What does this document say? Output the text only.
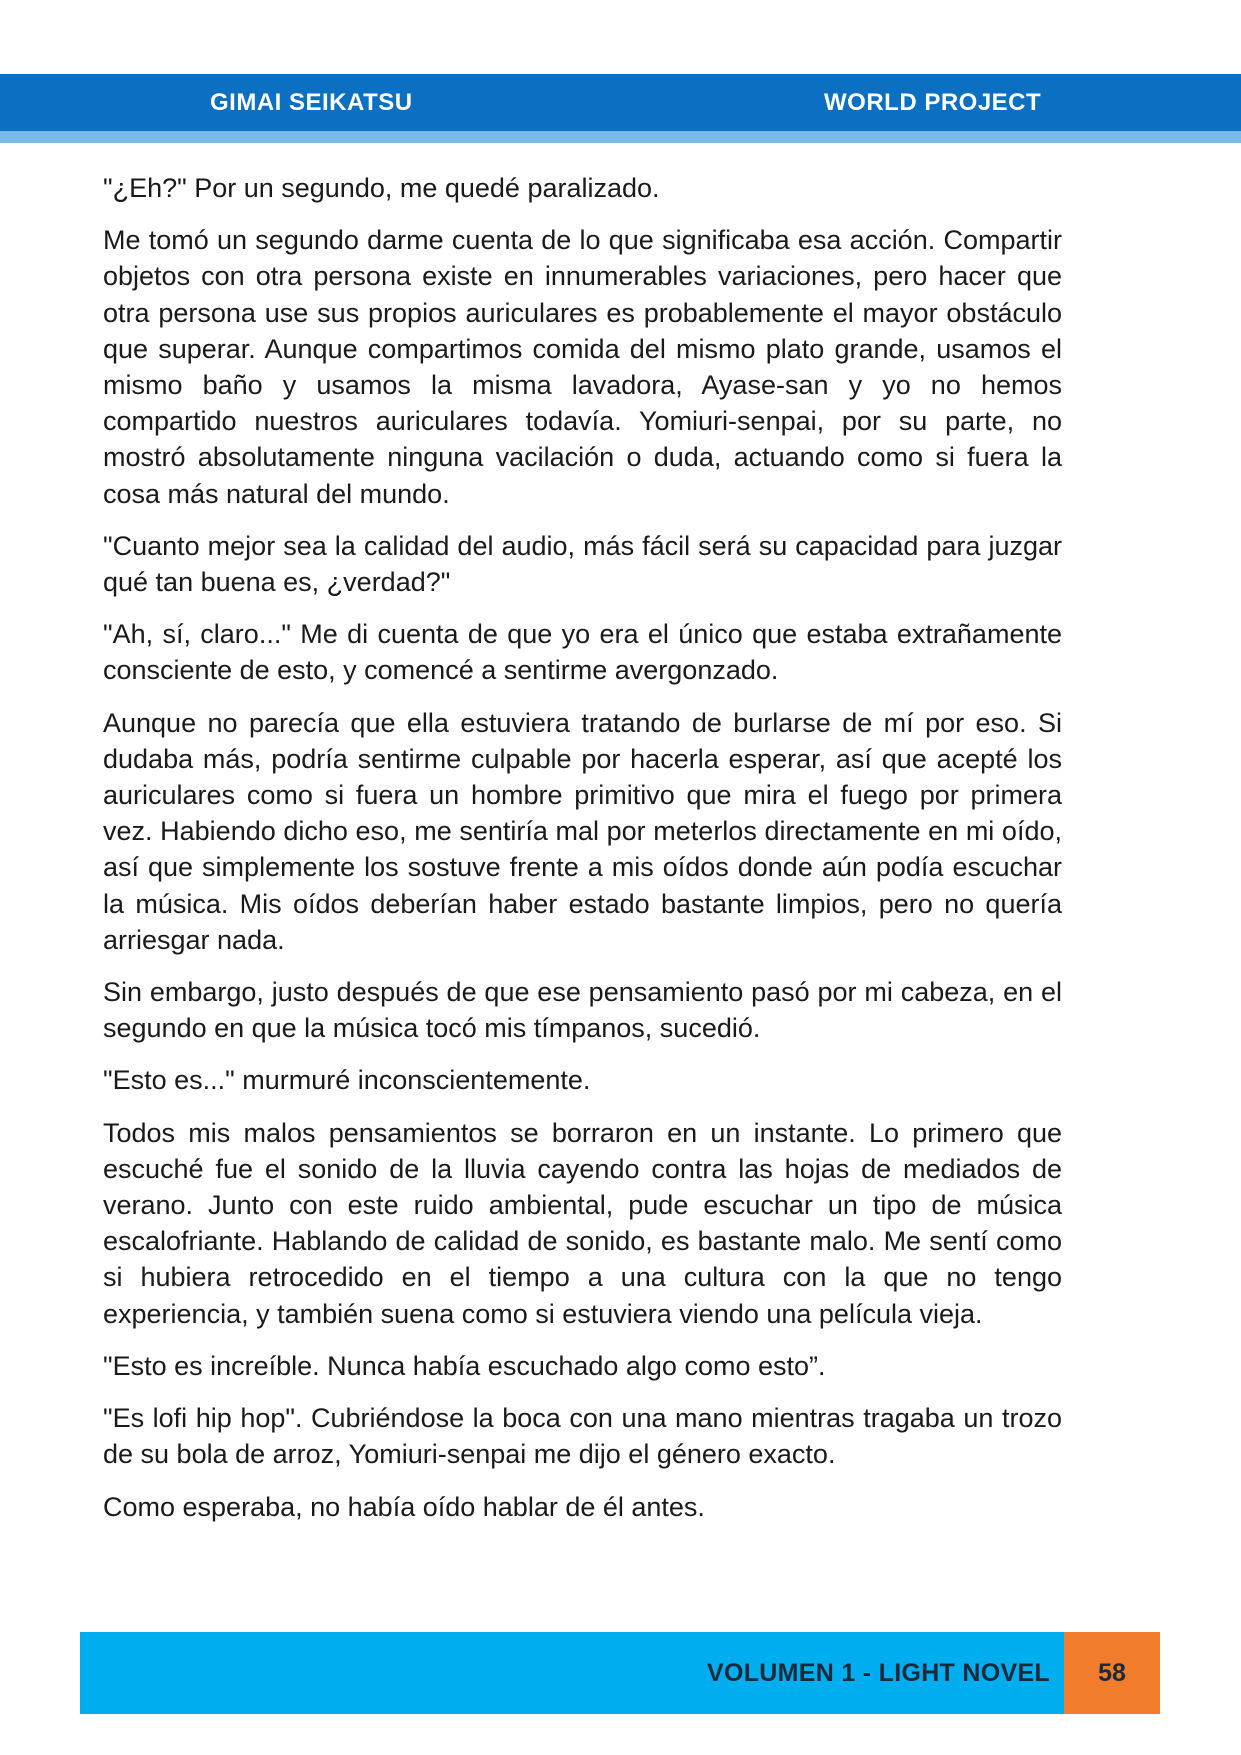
GIMAI SEIKATSU	WORLD PROJECT

"¿Eh?" Por un segundo, me quedé paralizado.

Me tomó un segundo darme cuenta de lo que significaba esa acción. Compartir objetos con otra persona existe en innumerables variaciones, pero hacer que otra persona use sus propios auriculares es probablemente el mayor obstáculo que superar. Aunque compartimos comida del mismo plato grande, usamos el mismo baño y usamos la misma lavadora, Ayase-san y yo no hemos compartido nuestros auriculares todavía. Yomiuri-senpai, por su parte, no mostró absolutamente ninguna vacilación o duda, actuando como si fuera la cosa más natural del mundo.

"Cuanto mejor sea la calidad del audio, más fácil será su capacidad para juzgar qué tan buena es, ¿verdad?"

"Ah, sí, claro..." Me di cuenta de que yo era el único que estaba extrañamente consciente de esto, y comencé a sentirme avergonzado.

Aunque no parecía que ella estuviera tratando de burlarse de mí por eso. Si dudaba más, podría sentirme culpable por hacerla esperar, así que acepté los auriculares como si fuera un hombre primitivo que mira el fuego por primera vez. Habiendo dicho eso, me sentiría mal por meterlos directamente en mi oído, así que simplemente los sostuve frente a mis oídos donde aún podía escuchar la música. Mis oídos deberían haber estado bastante limpios, pero no quería arriesgar nada.

Sin embargo, justo después de que ese pensamiento pasó por mi cabeza, en el segundo en que la música tocó mis tímpanos, sucedió.

"Esto es..." murmuré inconscientemente.

Todos mis malos pensamientos se borraron en un instante. Lo primero que escuché fue el sonido de la lluvia cayendo contra las hojas de mediados de verano. Junto con este ruido ambiental, pude escuchar un tipo de música escalofriante. Hablando de calidad de sonido, es bastante malo. Me sentí como si hubiera retrocedido en el tiempo a una cultura con la que no tengo experiencia, y también suena como si estuviera viendo una película vieja.

"Esto es increíble. Nunca había escuchado algo como esto”.

"Es lofi hip hop". Cubriéndose la boca con una mano mientras tragaba un trozo de su bola de arroz, Yomiuri-senpai me dijo el género exacto.

Como esperaba, no había oído hablar de él antes.

VOLUMEN 1 - LIGHT NOVEL	58
